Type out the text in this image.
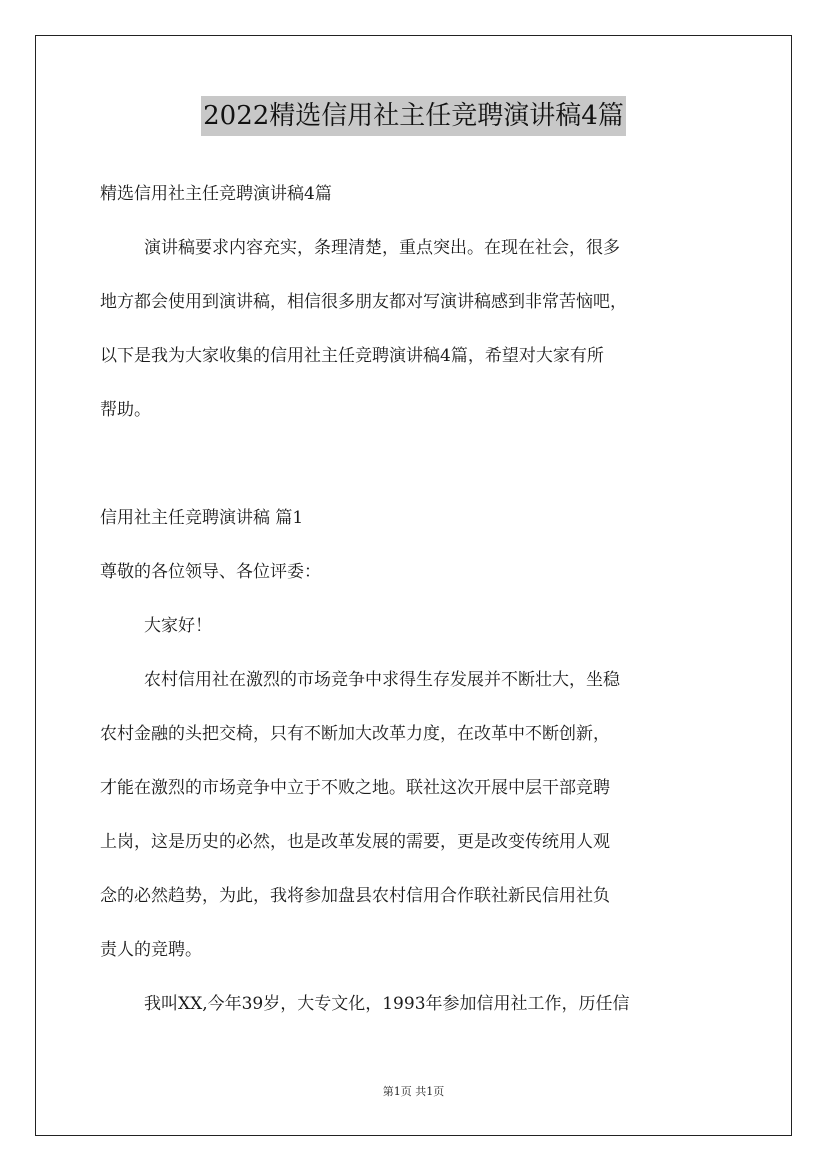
2022精选信用社主任竞聘演讲稿4篇
精选信用社主任竞聘演讲稿4篇
演讲稿要求内容充实，条理清楚，重点突出。在现在社会，很多
地方都会使用到演讲稿，相信很多朋友都对写演讲稿感到非常苦恼吧，
以下是我为大家收集的信用社主任竞聘演讲稿4篇，希望对大家有所
帮助。
信用社主任竞聘演讲稿 篇1
尊敬的各位领导、各位评委：
大家好！
农村信用社在激烈的市场竞争中求得生存发展并不断壮大，坐稳
农村金融的头把交椅，只有不断加大改革力度，在改革中不断创新，
才能在激烈的市场竞争中立于不败之地。联社这次开展中层干部竞聘
上岗，这是历史的必然，也是改革发展的需要，更是改变传统用人观
念的必然趋势，为此，我将参加盘县农村信用合作联社新民信用社负
责人的竞聘。
我叫XX,今年39岁，大专文化，1993年参加信用社工作，历任信
第1页 共1页
